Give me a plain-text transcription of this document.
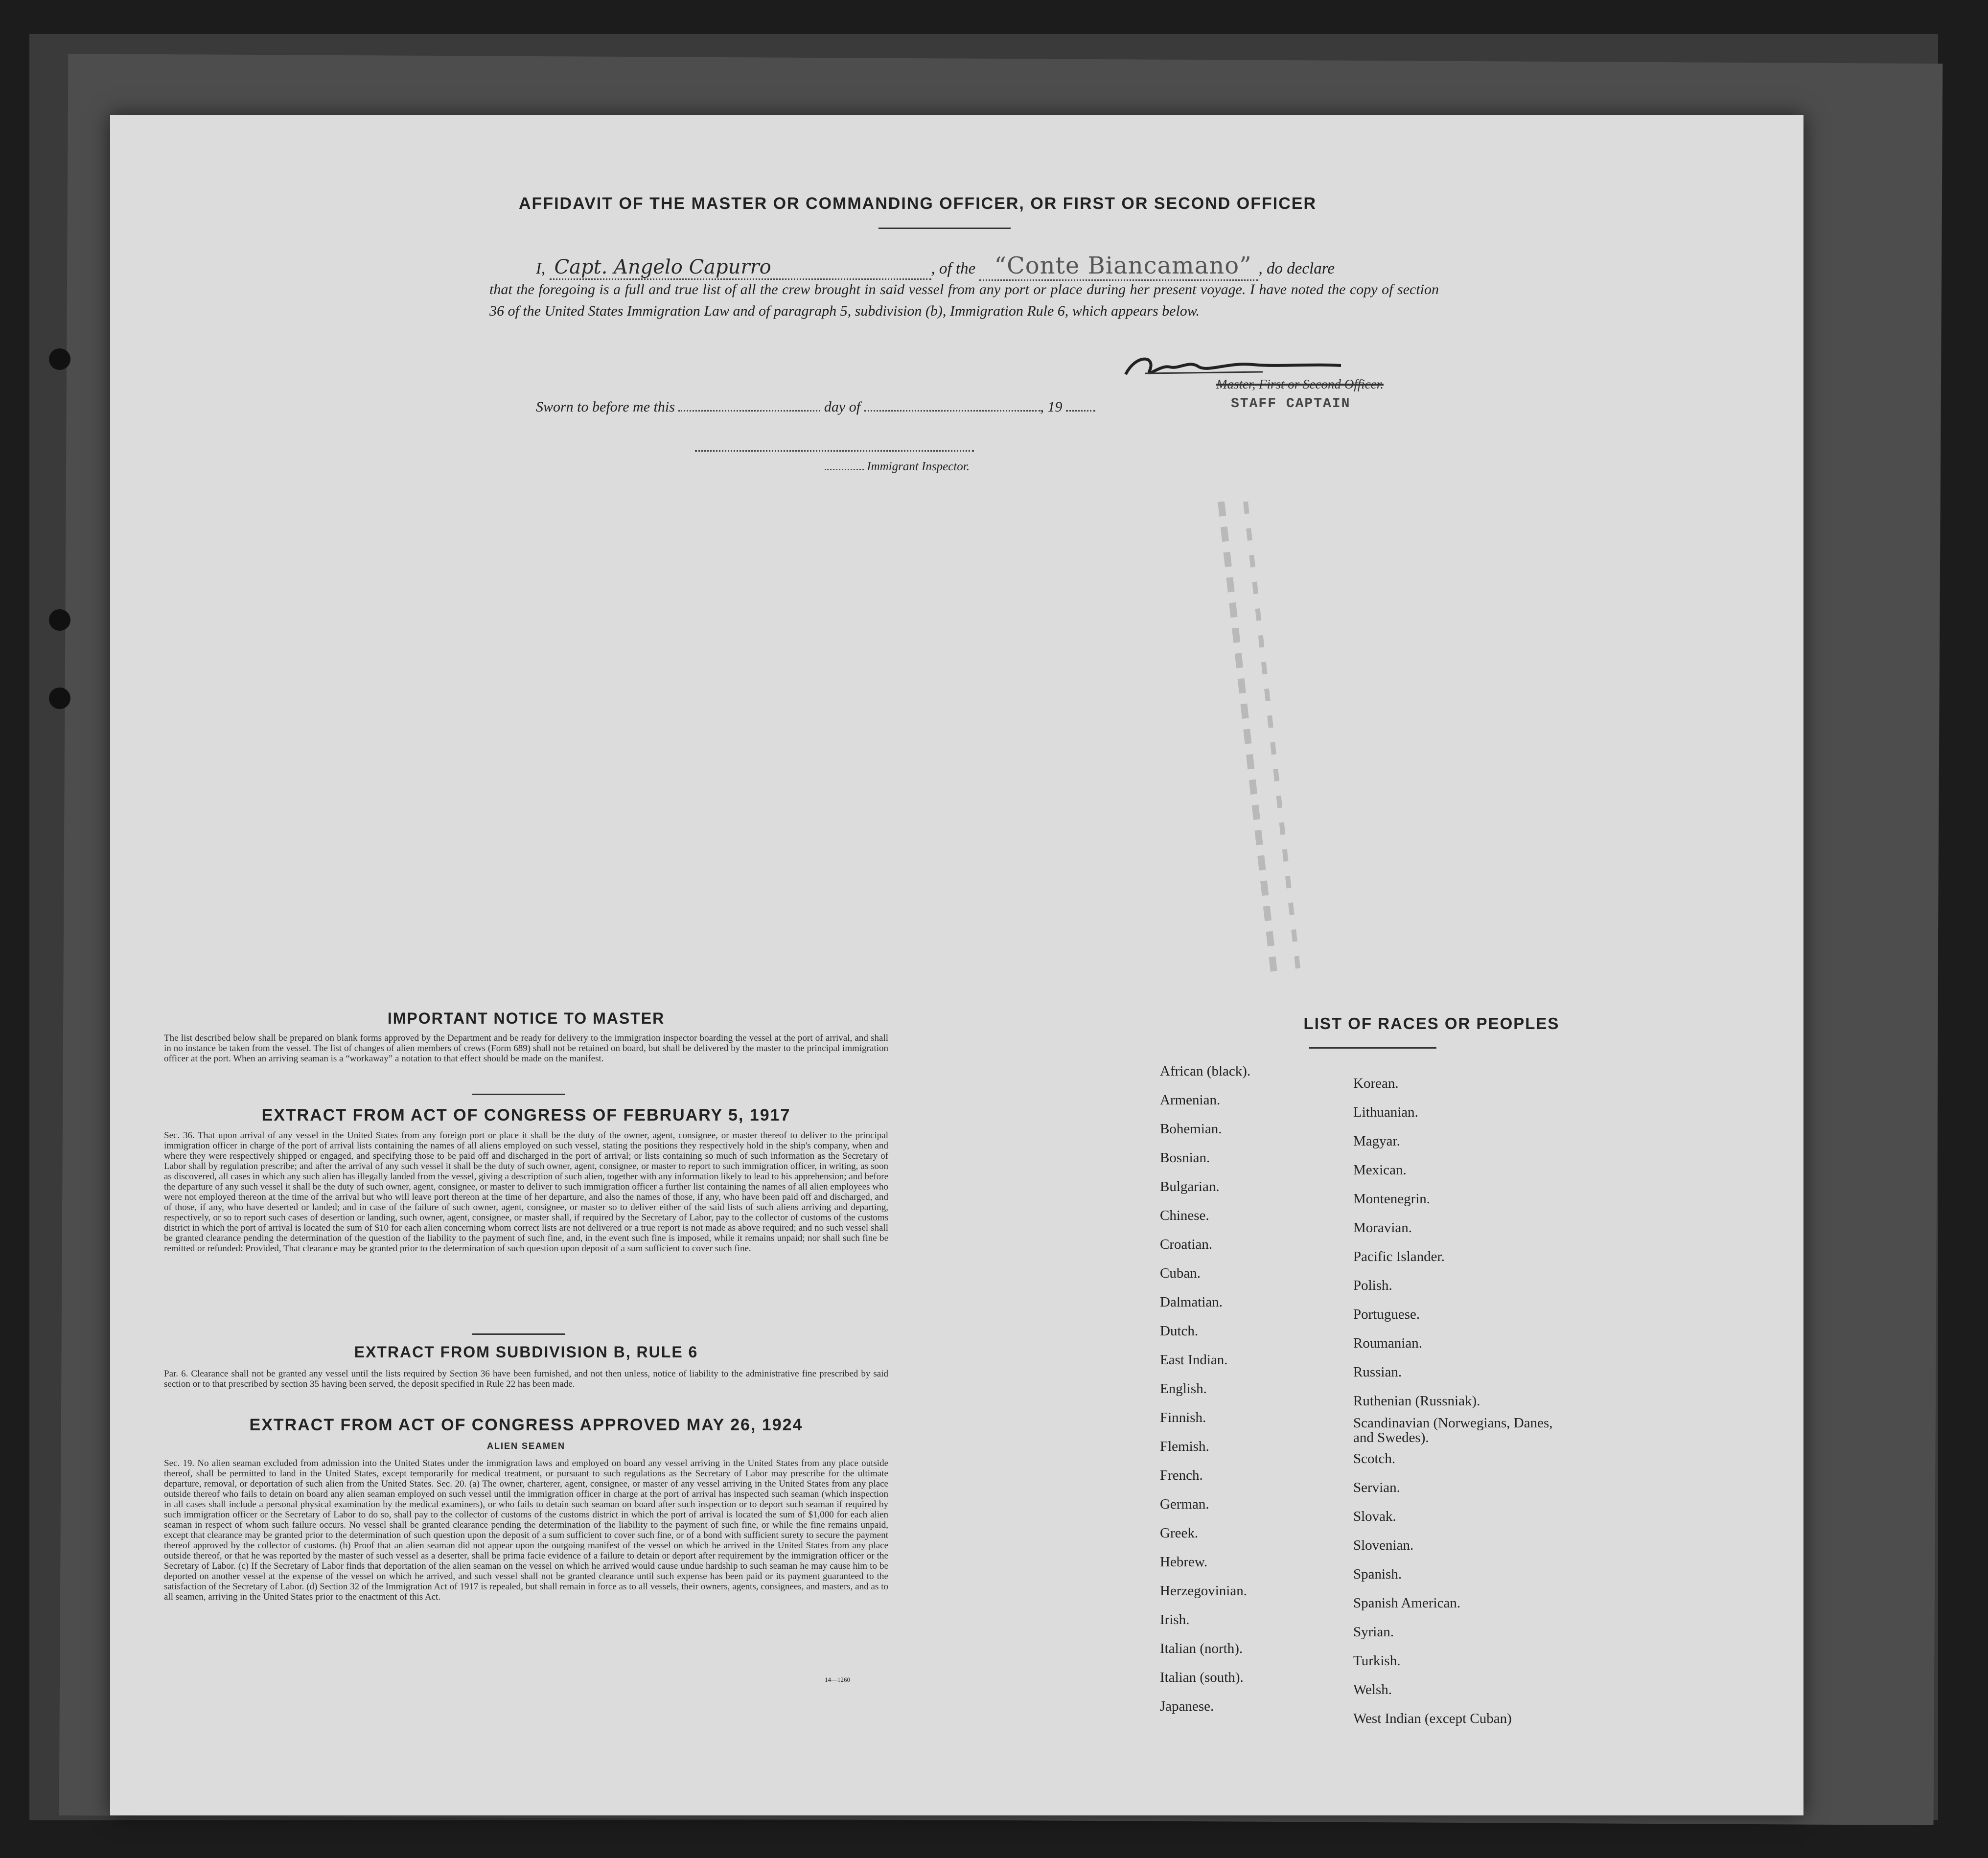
AFFIDAVIT OF THE MASTER OR COMMANDING OFFICER, OR FIRST OR SECOND OFFICER
I, Capt. Angelo Capurro	, of the “Conte Biancamano” , do declare
that the foregoing is a full and true list of all the crew brought in said vessel from any port or place during her present voyage. I have noted the copy of section 36 of the United States Immigration Law and of paragraph 5, subdivision (b), Immigration Rule 6, which appears below.
Master, First or Second Officer.
STAFF CAPTAIN
Sworn to before me this	day of	, 19
Immigrant Inspector.
IMPORTANT NOTICE TO MASTER
The list described below shall be prepared on blank forms approved by the Department and be ready for delivery to the immigration inspector boarding the vessel at the port of arrival, and shall in no instance be taken from the vessel. The list of changes of alien members of crews (Form 689) shall not be retained on board, but shall be delivered by the master to the principal immigration officer at the port. When an arriving seaman is a “workaway” a notation to that effect should be made on the manifest.
EXTRACT FROM ACT OF CONGRESS OF FEBRUARY 5, 1917
Sec. 36. That upon arrival of any vessel in the United States from any foreign port or place it shall be the duty of the owner, agent, consignee, or master thereof to deliver to the principal immigration officer in charge of the port of arrival lists containing the names of all aliens employed on such vessel, stating the positions they respectively hold in the ship's company, when and where they were respectively shipped or engaged, and specifying those to be paid off and discharged in the port of arrival; or lists containing so much of such information as the Secretary of Labor shall by regulation prescribe; and after the arrival of any such vessel it shall be the duty of such owner, agent, consignee, or master to report to such immigration officer, in writing, as soon as discovered, all cases in which any such alien has illegally landed from the vessel, giving a description of such alien, together with any information likely to lead to his apprehension; and before the departure of any such vessel it shall be the duty of such owner, agent, consignee, or master to deliver to such immigration officer a further list containing the names of all alien employees who were not employed thereon at the time of the arrival but who will leave port thereon at the time of her departure, and also the names of those, if any, who have been paid off and discharged, and of those, if any, who have deserted or landed; and in case of the failure of such owner, agent, consignee, or master so to deliver either of the said lists of such aliens arriving and departing, respectively, or so to report such cases of desertion or landing, such owner, agent, consignee, or master shall, if required by the Secretary of Labor, pay to the collector of customs of the customs district in which the port of arrival is located the sum of $10 for each alien concerning whom correct lists are not delivered or a true report is not made as above required; and no such vessel shall be granted clearance pending the determination of the question of the liability to the payment of such fine, and, in the event such fine is imposed, while it remains unpaid; nor shall such fine be remitted or refunded: Provided, That clearance may be granted prior to the determination of such question upon deposit of a sum sufficient to cover such fine.
EXTRACT FROM SUBDIVISION B, RULE 6
Par. 6. Clearance shall not be granted any vessel until the lists required by Section 36 have been furnished, and not then unless, notice of liability to the administrative fine prescribed by said section or to that prescribed by section 35 having been served, the deposit specified in Rule 22 has been made.
EXTRACT FROM ACT OF CONGRESS APPROVED MAY 26, 1924
ALIEN SEAMEN
Sec. 19. No alien seaman excluded from admission into the United States under the immigration laws and employed on board any vessel arriving in the United States from any place outside thereof, shall be permitted to land in the United States, except temporarily for medical treatment, or pursuant to such regulations as the Secretary of Labor may prescribe for the ultimate departure, removal, or deportation of such alien from the United States. Sec. 20. (a) The owner, charterer, agent, consignee, or master of any vessel arriving in the United States from any place outside thereof who fails to detain on board any alien seaman employed on such vessel until the immigration officer in charge at the port of arrival has inspected such seaman (which inspection in all cases shall include a personal physical examination by the medical examiners), or who fails to detain such seaman on board after such inspection or to deport such seaman if required by such immigration officer or the Secretary of Labor to do so, shall pay to the collector of customs of the customs district in which the port of arrival is located the sum of $1,000 for each alien seaman in respect of whom such failure occurs. No vessel shall be granted clearance pending the determination of the liability to the payment of such fine, or while the fine remains unpaid, except that clearance may be granted prior to the determination of such question upon the deposit of a sum sufficient to cover such fine, or of a bond with sufficient surety to secure the payment thereof approved by the collector of customs. (b) Proof that an alien seaman did not appear upon the outgoing manifest of the vessel on which he arrived in the United States from any place outside thereof, or that he was reported by the master of such vessel as a deserter, shall be prima facie evidence of a failure to detain or deport after requirement by the immigration officer or the Secretary of Labor. (c) If the Secretary of Labor finds that deportation of the alien seaman on the vessel on which he arrived would cause undue hardship to such seaman he may cause him to be deported on another vessel at the expense of the vessel on which he arrived, and such vessel shall not be granted clearance until such expense has been paid or its payment guaranteed to the satisfaction of the Secretary of Labor. (d) Section 32 of the Immigration Act of 1917 is repealed, but shall remain in force as to all vessels, their owners, agents, consignees, and masters, and as to all seamen, arriving in the United States prior to the enactment of this Act.
14—1260
LIST OF RACES OR PEOPLES
African (black).
Armenian.
Bohemian.
Bosnian.
Bulgarian.
Chinese.
Croatian.
Cuban.
Dalmatian.
Dutch.
East Indian.
English.
Finnish.
Flemish.
French.
German.
Greek.
Hebrew.
Herzegovinian.
Irish.
Italian (north).
Italian (south).
Japanese.
Korean.
Lithuanian.
Magyar.
Mexican.
Montenegrin.
Moravian.
Pacific Islander.
Polish.
Portuguese.
Roumanian.
Russian.
Ruthenian (Russniak).
Scandinavian (Norwegians, Danes, and Swedes).
Scotch.
Servian.
Slovak.
Slovenian.
Spanish.
Spanish American.
Syrian.
Turkish.
Welsh.
West Indian (except Cuban)
